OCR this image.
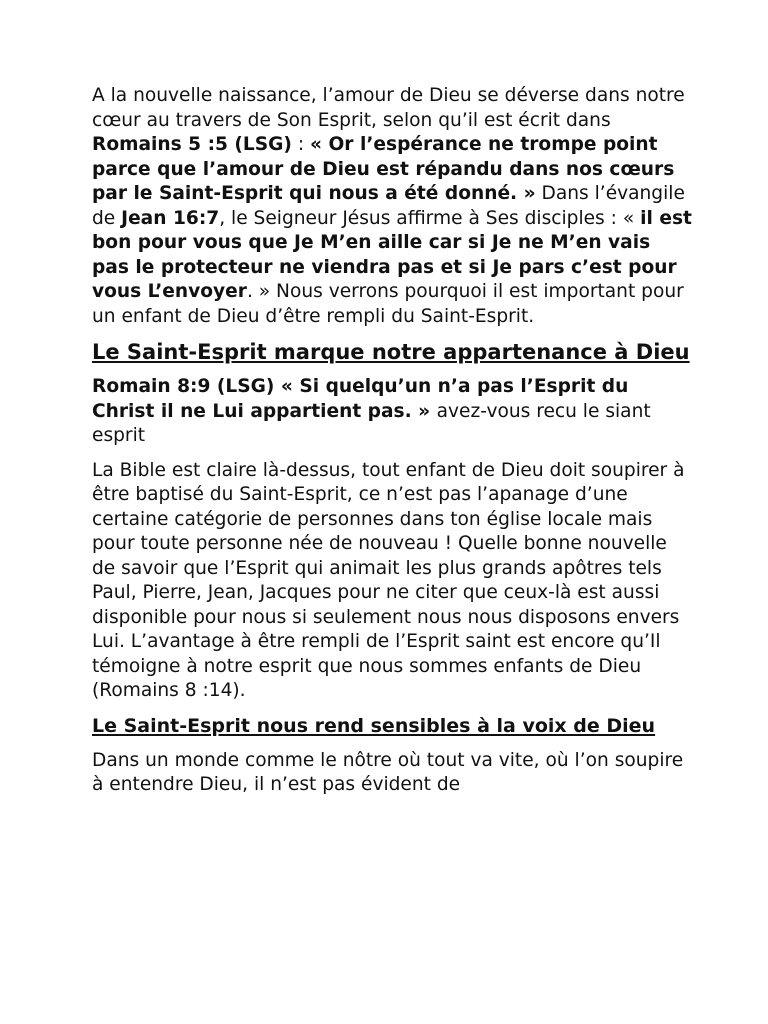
A la nouvelle naissance, l’amour de Dieu se déverse dans notre cœur au travers de Son Esprit, selon qu’il est écrit dans Romains 5 :5 (LSG) : « Or l’espérance ne trompe point parce que l’amour de Dieu est répandu dans nos cœurs par le Saint-Esprit qui nous a été donné. » Dans l’évangile de Jean 16:7, le Seigneur Jésus affirme à Ses disciples : « il est bon pour vous que Je M’en aille car si Je ne M’en vais pas le protecteur ne viendra pas et si Je pars c’est pour vous L’envoyer. » Nous verrons pourquoi il est important pour un enfant de Dieu d’être rempli du Saint-Esprit.

Le Saint-Esprit marque notre appartenance à Dieu

Romain 8:9 (LSG) « Si quelqu’un n’a pas l’Esprit du Christ il ne Lui appartient pas. » avez-vous recu le siant esprit

La Bible est claire là-dessus, tout enfant de Dieu doit soupirer à être baptisé du Saint-Esprit, ce n’est pas l’apanage d’une certaine catégorie de personnes dans ton église locale mais pour toute personne née de nouveau ! Quelle bonne nouvelle de savoir que l’Esprit qui animait les plus grands apôtres tels Paul, Pierre, Jean, Jacques pour ne citer que ceux-là est aussi disponible pour nous si seulement nous nous disposons envers Lui. L’avantage à être rempli de l’Esprit saint est encore qu’Il témoigne à notre esprit que nous sommes enfants de Dieu (Romains 8 :14).

Le Saint-Esprit nous rend sensibles à la voix de Dieu

Dans un monde comme le nôtre où tout va vite, où l’on soupire à entendre Dieu, il n’est pas évident de
